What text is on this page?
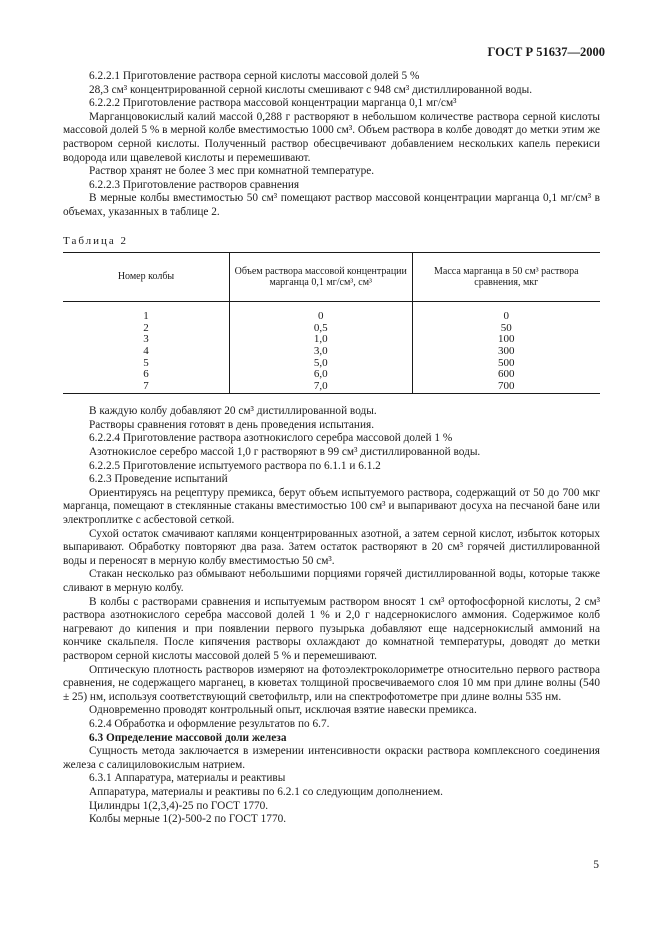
ГОСТ Р 51637—2000

6.2.2.1 Приготовление раствора серной кислоты массовой долей 5 %

28,3 см³ концентрированной серной кислоты смешивают с 948 см³ дистиллированной воды.

6.2.2.2 Приготовление раствора массовой концентрации марганца 0,1 мг/см³

Марганцовокислый калий массой 0,288 г растворяют в небольшом количестве раствора серной кислоты массовой долей 5 % в мерной колбе вместимостью 1000 см³. Объем раствора в колбе доводят до метки этим же раствором серной кислоты. Полученный раствор обесцвечивают добавлением нескольких капель перекиси водорода или щавелевой кислоты и перемешивают.

Раствор хранят не более 3 мес при комнатной температуре.

6.2.2.3 Приготовление растворов сравнения

В мерные колбы вместимостью 50 см³ помещают раствор массовой концентрации марганца 0,1 мг/см³ в объемах, указанных в таблице 2.

Таблица 2

Номер колбы	Объем раствора массовой концентрации марганца 0,1 мг/см³, см³	Масса марганца в 50 см³ раствора сравнения, мкг
1	0	0
2	0,5	50
3	1,0	100
4	3,0	300
5	5,0	500
6	6,0	600
7	7,0	700

В каждую колбу добавляют 20 см³ дистиллированной воды.

Растворы сравнения готовят в день проведения испытания.

6.2.2.4 Приготовление раствора азотнокислого серебра массовой долей 1 %

Азотнокислое серебро массой 1,0 г растворяют в 99 см³ дистиллированной воды.

6.2.2.5 Приготовление испытуемого раствора по 6.1.1 и 6.1.2

6.2.3 Проведение испытаний

Ориентируясь на рецептуру премикса, берут объем испытуемого раствора, содержащий от 50 до 700 мкг марганца, помещают в стеклянные стаканы вместимостью 100 см³ и выпаривают досуха на песчаной бане или электроплитке с асбестовой сеткой.

Сухой остаток смачивают каплями концентрированных азотной, а затем серной кислот, избыток которых выпаривают. Обработку повторяют два раза. Затем остаток растворяют в 20 см³ горячей дистиллированной воды и переносят в мерную колбу вместимостью 50 см³.

Стакан несколько раз обмывают небольшими порциями горячей дистиллированной воды, которые также сливают в мерную колбу.

В колбы с растворами сравнения и испытуемым раствором вносят 1 см³ ортофосфорной кислоты, 2 см³ раствора азотнокислого серебра массовой долей 1 % и 2,0 г надсернокислого аммония. Содержимое колб нагревают до кипения и при появлении первого пузырька добавляют еще надсернокислый аммоний на кончике скальпеля. После кипячения растворы охлаждают до комнатной температуры, доводят до метки раствором серной кислоты массовой долей 5 % и перемешивают.

Оптическую плотность растворов измеряют на фотоэлектроколориметре относительно первого раствора сравнения, не содержащего марганец, в кюветах толщиной просвечиваемого слоя 10 мм при длине волны (540 ± 25) нм, используя соответствующий светофильтр, или на спектрофотометре при длине волны 535 нм.

Одновременно проводят контрольный опыт, исключая взятие навески премикса.

6.2.4 Обработка и оформление результатов по 6.7.

6.3 Определение массовой доли железа

Сущность метода заключается в измерении интенсивности окраски раствора комплексного соединения железа с салициловокислым натрием.

6.3.1 Аппаратура, материалы и реактивы

Аппаратура, материалы и реактивы по 6.2.1 со следующим дополнением.

Цилиндры 1(2,3,4)-25 по ГОСТ 1770.

Колбы мерные 1(2)-500-2 по ГОСТ 1770.

5
